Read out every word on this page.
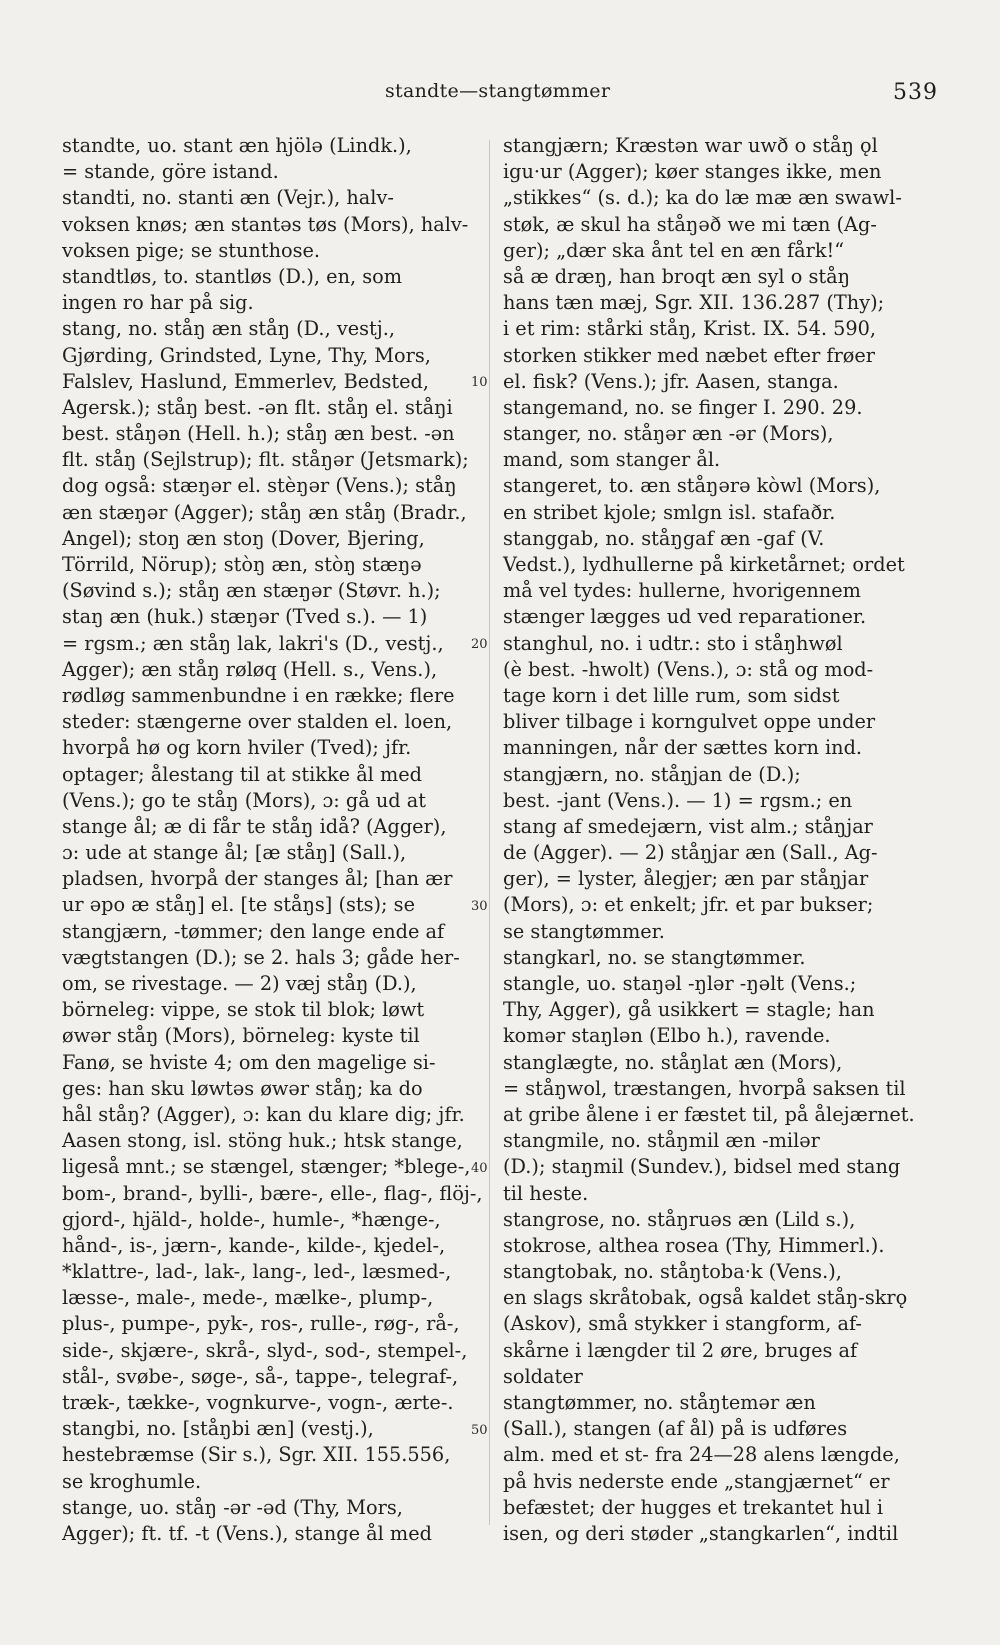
standte—stangtømmer	539
standte, uo. stant æn hjölə (Lindk.),
= stande, göre istand.
standti, no. stanti æn (Vejr.), halv-
voksen knøs; æn stantəs tøs (Mors), halv-
voksen pige; se stunthose.
standtløs, to. stantløs (D.), en, som
ingen ro har på sig.
stang, no. ståŋ æn ståŋ (D., vestj.,
Gjørding, Grindsted, Lyne, Thy, Mors,
Falslev, Haslund, Emmerlev, Bedsted,
Agersk.); ståŋ best. -ən flt. ståŋ el. ståŋi
best. ståŋən (Hell. h.); ståŋ æn best. -ən
flt. ståŋ (Sejlstrup); flt. ståŋər (Jetsmark);
dog også: stæŋər el. stèŋər (Vens.); ståŋ
æn stæŋər (Agger); ståŋ æn ståŋ (Bradr.,
Angel); stoŋ æn stoŋ (Dover, Bjering,
Törrild, Nörup); stòŋ æn, stòŋ stæŋə
(Søvind s.); ståŋ æn stæŋər (Støvr. h.);
staŋ æn (huk.) stæŋər (Tved s.). — 1)
= rgsm.; æn ståŋ lak, lakri's (D., vestj.,
Agger); æn ståŋ røløq (Hell. s., Vens.),
rødløg sammenbundne i en række; flere
steder: stængerne over stalden el. loen,
hvorpå hø og korn hviler (Tved); jfr.
optager; ålestang til at stikke ål med
(Vens.); go te ståŋ (Mors), ɔ: gå ud at
stange ål; æ di får te ståŋ idå? (Agger),
ɔ: ude at stange ål; [æ ståŋ] (Sall.),
pladsen, hvorpå der stanges ål; [han ær
ur əpo æ ståŋ] el. [te ståŋs] (sts); se
stangjærn, -tømmer; den lange ende af
vægtstangen (D.); se 2. hals 3; gåde her-
om, se rivestage. — 2) væj ståŋ (D.),
börneleg: vippe, se stok til blok; løwt
øwər ståŋ (Mors), börneleg: kyste til
Fanø, se hviste 4; om den magelige si-
ges: han sku løwtəs øwər ståŋ; ka do
hål ståŋ? (Agger), ɔ: kan du klare dig; jfr.
Aasen stong, isl. stöng huk.; htsk stange,
ligeså mnt.; se stængel, stænger; *blege-,
bom-, brand-, bylli-, bære-, elle-, flag-, flöj-,
gjord-, hjäld-, holde-, humle-, *hænge-,
hånd-, is-, jærn-, kande-, kilde-, kjedel-,
*klattre-, lad-, lak-, lang-, led-, læsmed-,
læsse-, male-, mede-, mælke-, plump-,
plus-, pumpe-, pyk-, ros-, rulle-, røg-, rå-,
side-, skjære-, skrå-, slyd-, sod-, stempel-,
stål-, svøbe-, søge-, så-, tappe-, telegraf-,
træk-, tække-, vognkurve-, vogn-, ærte-.
stangbi, no. [ståŋbi æn] (vestj.),
hestebræmse (Sir s.), Sgr. XII. 155.556,
se kroghumle.
stange, uo. ståŋ -ər -əd (Thy, Mors,
Agger); ft. tf. -t (Vens.), stange ål med
stangjærn; Kræstən war uwð o ståŋ ǫl
igu·ur (Agger); køer stanges ikke, men
„stikkes“ (s. d.); ka do læ mæ æn swawl-
støk, æ skul ha ståŋəð we mi tæn (Ag-
ger); „dær ska ånt tel en æn fårk!“
så æ dræŋ, han broqt æn syl o ståŋ
hans tæn mæj, Sgr. XII. 136.287 (Thy);
i et rim: stårki ståŋ, Krist. IX. 54. 590,
storken stikker med næbet efter frøer
el. fisk? (Vens.); jfr. Aasen, stanga.
stangemand, no. se finger I. 290. 29.
stanger, no. ståŋər æn -ər (Mors),
mand, som stanger ål.
stangeret, to. æn ståŋərə kòwl (Mors),
en stribet kjole; smlgn isl. stafaðr.
stanggab, no. ståŋgaf æn -gaf (V.
Vedst.), lydhullerne på kirketårnet; ordet
må vel tydes: hullerne, hvorigennem
stænger lægges ud ved reparationer.
stanghul, no. i udtr.: sto i ståŋhwøl
(è best. -hwolt) (Vens.), ɔ: stå og mod-
tage korn i det lille rum, som sidst
bliver tilbage i korngulvet oppe under
manningen, når der sættes korn ind.
stangjærn, no. ståŋjan de (D.);
best. -jant (Vens.). — 1) = rgsm.; en
stang af smedejærn, vist alm.; ståŋjar
de (Agger). — 2) ståŋjar æn (Sall., Ag-
ger), = lyster, ålegjer; æn par ståŋjar
(Mors), ɔ: et enkelt; jfr. et par bukser;
se stangtømmer.
stangkarl, no. se stangtømmer.
stangle, uo. staŋəl -ŋlər -ŋəlt (Vens.;
Thy, Agger), gå usikkert = stagle; han
komər staŋlən (Elbo h.), ravende.
stanglægte, no. ståŋlat æn (Mors),
= ståŋwol, træstangen, hvorpå saksen til
at gribe ålene i er fæstet til, på ålejærnet.
stangmile, no. ståŋmil æn -milər
(D.); staŋmil (Sundev.), bidsel med stang
til heste.
stangrose, no. ståŋruəs æn (Lild s.),
stokrose, althea rosea (Thy, Himmerl.).
stangtobak, no. ståŋtoba·k (Vens.),
en slags skråtobak, også kaldet ståŋ-skrǫ
(Askov), små stykker i stangform, af-
skårne i længder til 2 øre, bruges af
soldater
stangtømmer, no. ståŋtemər æn
(Sall.), stangen (af ål) på is udføres
alm. med et st- fra 24—28 alens længde,
på hvis nederste ende „stangjærnet“ er
befæstet; der hugges et trekantet hul i
isen, og deri støder „stangkarlen“, indtil
10
20
30
40
50
